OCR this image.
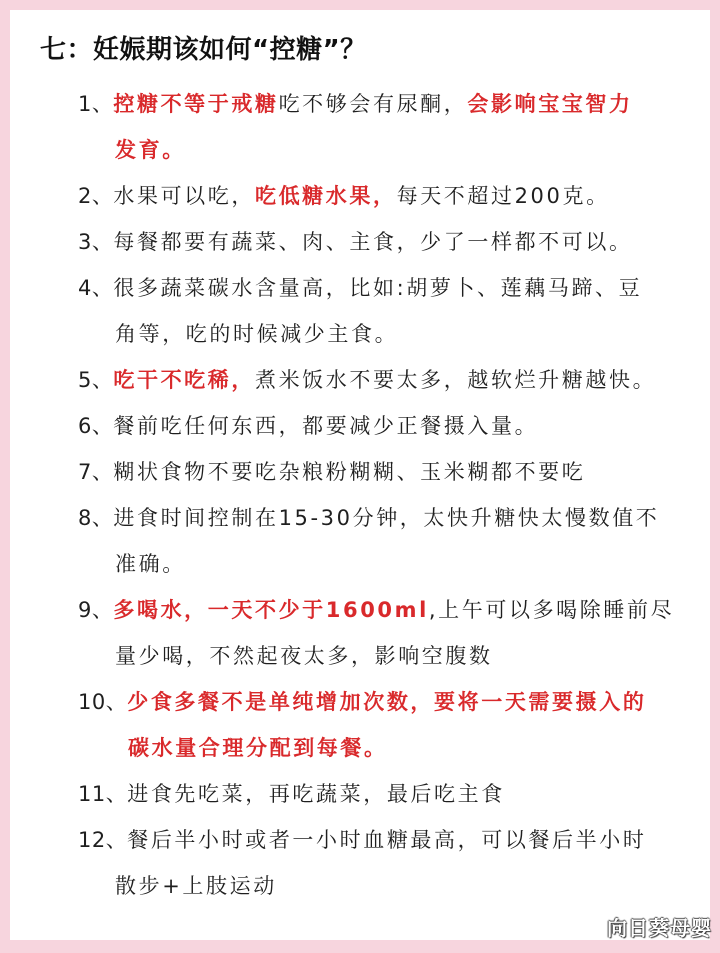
七：妊娠期该如何“控糖”？
1、 控糖不等于戒糖 吃不够会有尿酮， 会影响宝宝智力
发育。
2、 水果可以吃， 吃低糖水果， 每天不超过200克。
3、 每餐都要有蔬菜、肉、主食，少了一样都不可以。
4、 很多蔬菜碳水含量高，比如:胡萝卜、莲藕马蹄、豆
角等，吃的时候减少主食。
5、 吃干不吃稀， 煮米饭水不要太多，越软烂升糖越快。
6、 餐前吃任何东西，都要减少正餐摄入量。
7、 糊状食物不要吃杂粮粉糊糊、玉米糊都不要吃
8、 进食时间控制在15-30分钟，太快升糖快太慢数值不
准确。
9、 多喝水，一天不少于1600ml ,上午可以多喝除睡前尽
量少喝，不然起夜太多，影响空腹数
10、 少食多餐不是单纯增加次数，要将一天需要摄入的
碳水量合理分配到每餐。
11、 进食先吃菜，再吃蔬菜，最后吃主食
12、 餐后半小时或者一小时血糖最高，可以餐后半小时
散步+上肢运动
向日葵母婴
